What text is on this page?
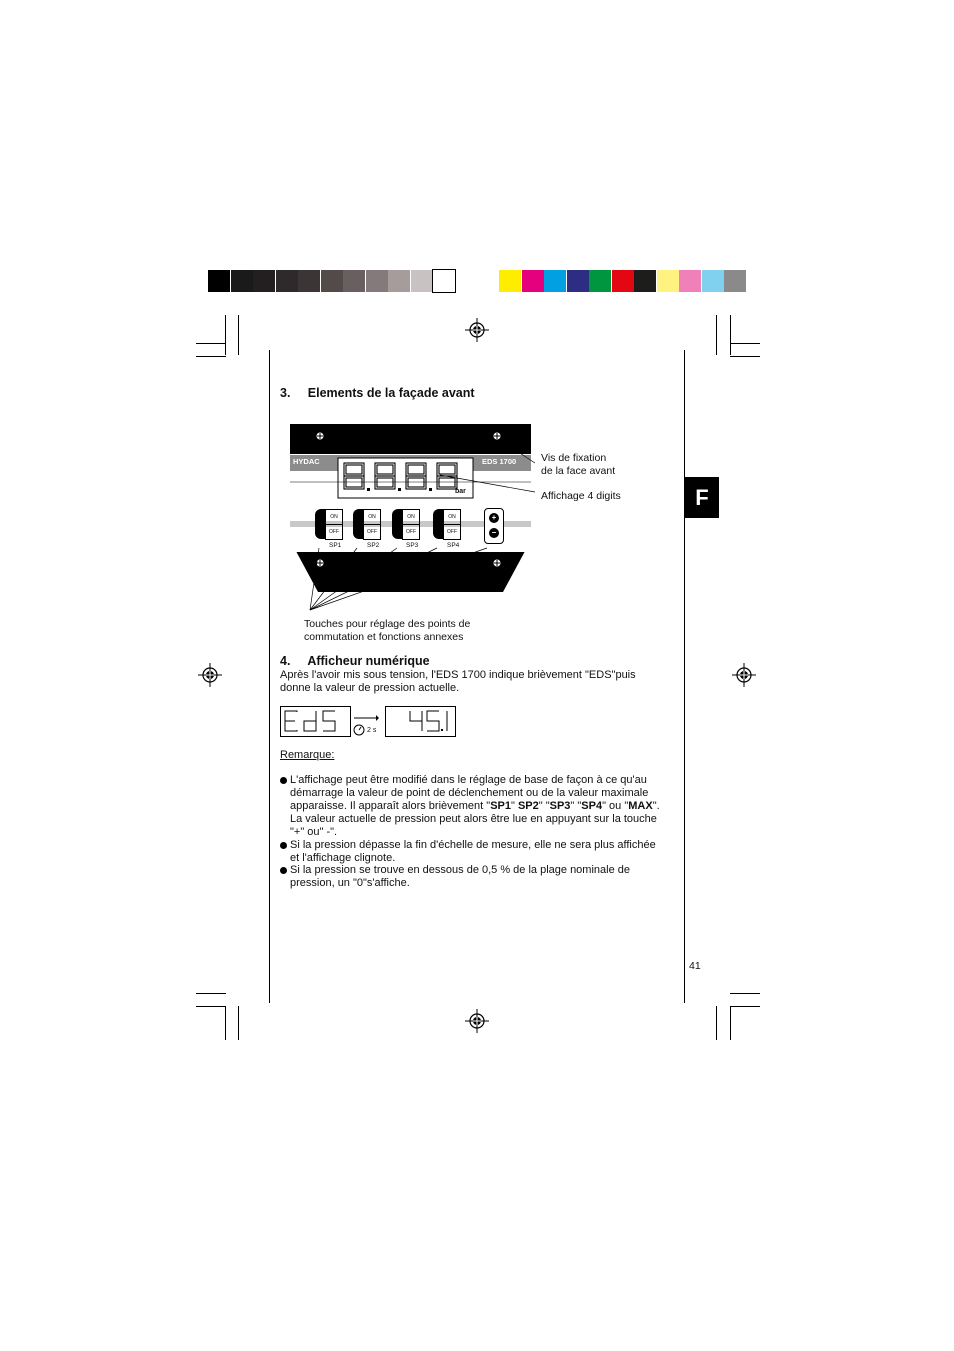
F
3.     Elements de la façade avant
HYDAC	EDS 1700
bar
ON
OFF
SP1
ON
OFF
SP2
ON
OFF
SP3
ON
OFF
SP4
+
−
Vis de fixation
de la face avant
Affichage 4 digits
Touches pour réglage des points de
commutation et fonctions annexes
4.     Afficheur numérique
Après l'avoir mis sous tension, l'EDS 1700 indique brièvement "EDS"puis
donne la valeur de pression actuelle.
2 s
Remarque:
L'affichage peut être modifié dans le réglage de base de façon à ce qu'au
démarrage la valeur de point de déclenchement ou de la valeur maximale
apparaisse. Il apparaît alors brièvement "SP1" SP2" "SP3" "SP4" ou "MAX".
La valeur actuelle de pression peut alors être lue en appuyant sur la touche
"+" ou" -".
Si la pression dépasse la fin d'échelle de mesure, elle ne sera plus affichée
et l'affichage clignote.
Si la pression se trouve en dessous de 0,5 % de la plage nominale de
pression, un "0"s'affiche.
41
